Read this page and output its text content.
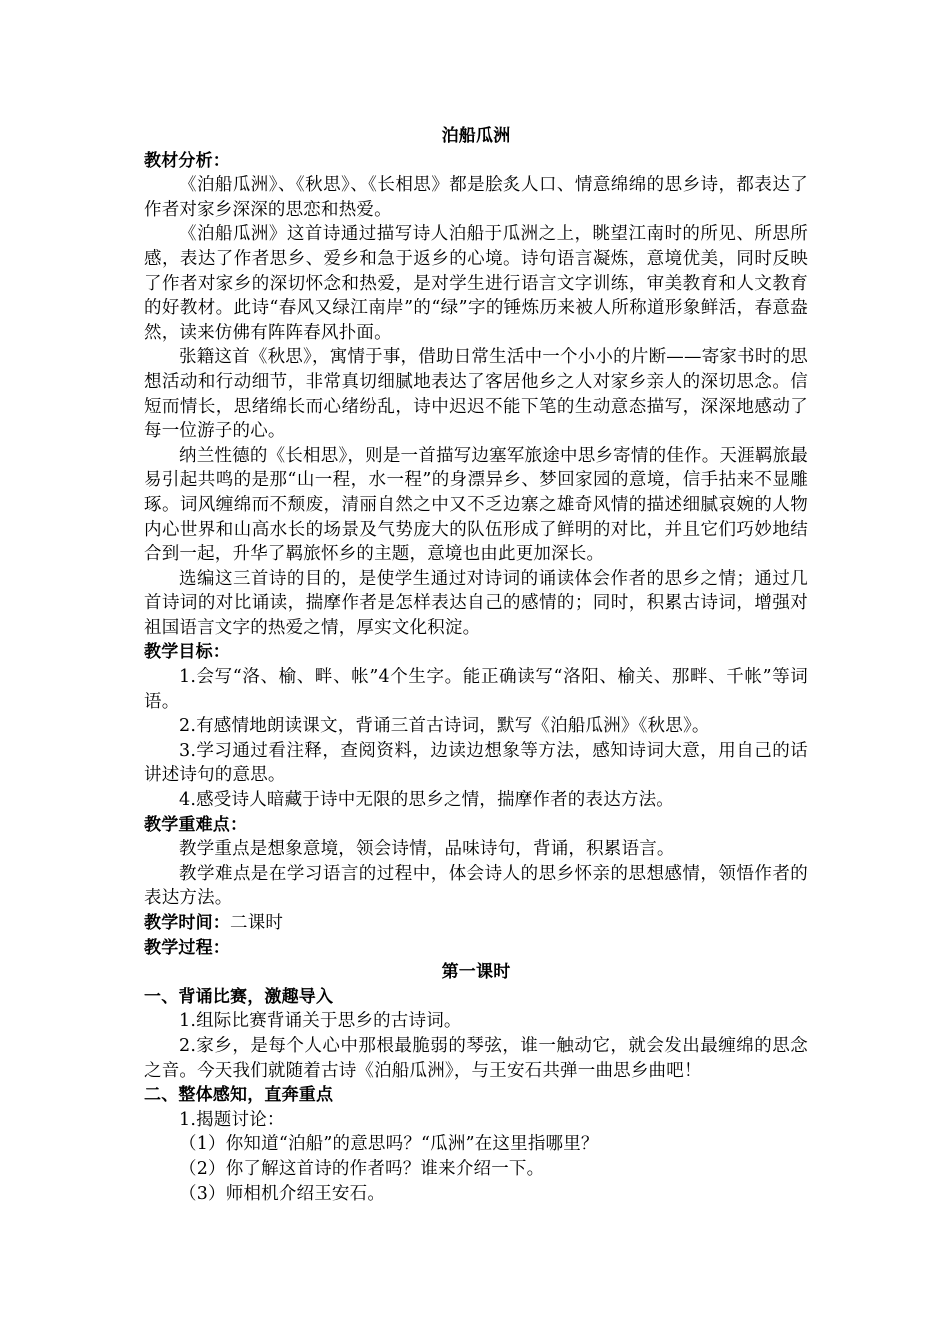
泊船瓜洲
教材分析：
《泊船瓜洲》、《秋思》、《长相思》都是脍炙人口、情意绵绵的思乡诗，都表达了作者对家乡深深的思恋和热爱。
《泊船瓜洲》这首诗通过描写诗人泊船于瓜洲之上，眺望江南时的所见、所思所感，表达了作者思乡、爱乡和急于返乡的心境。诗句语言凝炼，意境优美，同时反映了作者对家乡的深切怀念和热爱，是对学生进行语言文字训练，审美教育和人文教育的好教材。此诗“春风又绿江南岸”的“绿”字的锤炼历来被人所称道形象鲜活，春意盎然，读来仿佛有阵阵春风扑面。
张籍这首《秋思》，寓情于事，借助日常生活中一个小小的片断——寄家书时的思想活动和行动细节，非常真切细腻地表达了客居他乡之人对家乡亲人的深切思念。信短而情长，思绪绵长而心绪纷乱，诗中迟迟不能下笔的生动意态描写，深深地感动了每一位游子的心。
纳兰性德的《长相思》，则是一首描写边塞军旅途中思乡寄情的佳作。天涯羁旅最易引起共鸣的是那“山一程，水一程”的身漂异乡、梦回家园的意境，信手拈来不显雕琢。词风缠绵而不颓废，清丽自然之中又不乏边寨之雄奇风情的描述细腻哀婉的人物内心世界和山高水长的场景及气势庞大的队伍形成了鲜明的对比，并且它们巧妙地结合到一起，升华了羁旅怀乡的主题，意境也由此更加深长。
选编这三首诗的目的，是使学生通过对诗词的诵读体会作者的思乡之情；通过几首诗词的对比诵读，揣摩作者是怎样表达自己的感情的；同时，积累古诗词，增强对祖国语言文字的热爱之情，厚实文化积淀。
教学目标：
1.会写“洛、榆、畔、帐”4个生字。能正确读写“洛阳、榆关、那畔、千帐”等词语。
2.有感情地朗读课文，背诵三首古诗词，默写《泊船瓜洲》《秋思》。
3.学习通过看注释，查阅资料，边读边想象等方法，感知诗词大意，用自己的话讲述诗句的意思。
4.感受诗人暗藏于诗中无限的思乡之情，揣摩作者的表达方法。
教学重难点：
教学重点是想象意境，领会诗情，品味诗句，背诵，积累语言。
教学难点是在学习语言的过程中，体会诗人的思乡怀亲的思想感情，领悟作者的表达方法。
教学时间：二课时
教学过程：
第一课时
一、背诵比赛，激趣导入
1.组际比赛背诵关于思乡的古诗词。
2.家乡，是每个人心中那根最脆弱的琴弦，谁一触动它，就会发出最缠绵的思念之音。今天我们就随着古诗《泊船瓜洲》，与王安石共弹一曲思乡曲吧！
二、整体感知，直奔重点
1.揭题讨论：
（1）你知道“泊船”的意思吗？“瓜洲”在这里指哪里？
（2）你了解这首诗的作者吗？谁来介绍一下。
（3）师相机介绍王安石。
